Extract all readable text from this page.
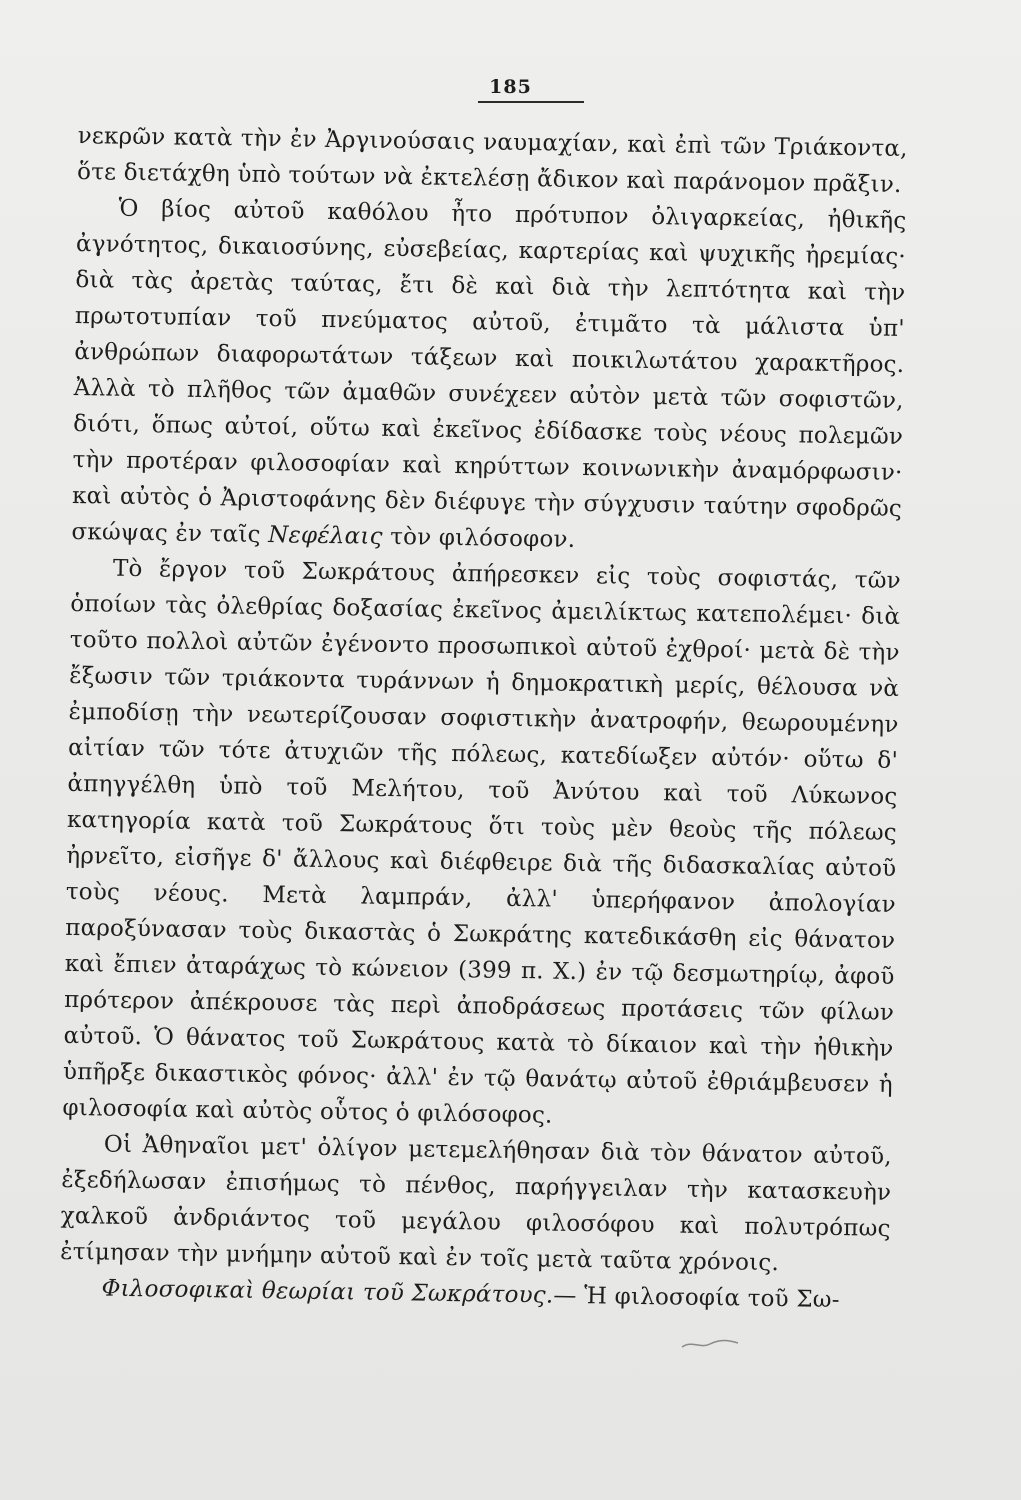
185

νεκρῶν κατὰ τὴν ἐν Ἀργινούσαις ναυμαχίαν, καὶ ἐπὶ τῶν Τριάκοντα, ὅτε διετάχθη ὑπὸ τούτων νὰ ἐκτελέσῃ ἄδικον καὶ παράνομον πρᾶξιν.

Ὁ βίος αὐτοῦ καθόλου ἦτο πρότυπον ὀλιγαρκείας, ἠθικῆς ἀγνότητος, δικαιοσύνης, εὐσεβείας, καρτερίας καὶ ψυχικῆς ἠρεμίας· διὰ τὰς ἀρετὰς ταύτας, ἔτι δὲ καὶ διὰ τὴν λεπτότητα καὶ τὴν πρωτοτυπίαν τοῦ πνεύματος αὐτοῦ, ἐτιμᾶτο τὰ μάλιστα ὑπ' ἀνθρώπων διαφορωτάτων τάξεων καὶ ποικιλωτάτου χαρακτῆρος. Ἀλλὰ τὸ πλῆθος τῶν ἀμαθῶν συνέχεεν αὐτὸν μετὰ τῶν σοφιστῶν, διότι, ὅπως αὐτοί, οὕτω καὶ ἐκεῖνος ἐδίδασκε τοὺς νέους πολεμῶν τὴν προτέραν φιλοσοφίαν καὶ κηρύττων κοινωνικὴν ἀναμόρφωσιν· καὶ αὐτὸς ὁ Ἀριστοφάνης δὲν διέφυγε τὴν σύγχυσιν ταύτην σφοδρῶς σκώψας ἐν ταῖς Νεφέλαις τὸν φιλόσοφον.

Τὸ ἔργον τοῦ Σωκράτους ἀπήρεσκεν εἰς τοὺς σοφιστάς, τῶν ὁποίων τὰς ὀλεθρίας δοξασίας ἐκεῖνος ἀμειλίκτως κατεπολέμει· διὰ τοῦτο πολλοὶ αὐτῶν ἐγένοντο προσωπικοὶ αὐτοῦ ἐχθροί· μετὰ δὲ τὴν ἔξωσιν τῶν τριάκοντα τυράννων ἡ δημοκρατικὴ μερίς, θέλουσα νὰ ἐμποδίσῃ τὴν νεωτερίζουσαν σοφιστικὴν ἀνατροφήν, θεωρουμένην αἰτίαν τῶν τότε ἀτυχιῶν τῆς πόλεως, κατεδίωξεν αὐτόν· οὕτω δ' ἀπηγγέλθη ὑπὸ τοῦ Μελήτου, τοῦ Ἀνύτου καὶ τοῦ Λύκωνος κατηγορία κατὰ τοῦ Σωκράτους ὅτι τοὺς μὲν θεοὺς τῆς πόλεως ἠρνεῖτο, εἰσῆγε δ' ἄλλους καὶ διέφθειρε διὰ τῆς διδασκαλίας αὐτοῦ τοὺς νέους. Μετὰ λαμπράν, ἀλλ' ὑπερήφανον ἀπολογίαν παροξύνασαν τοὺς δικαστὰς ὁ Σωκράτης κατεδικάσθη εἰς θάνατον καὶ ἔπιεν ἀταράχως τὸ κώνειον (399 π. Χ.) ἐν τῷ δεσμωτηρίῳ, ἀφοῦ πρότερον ἀπέκρουσε τὰς περὶ ἀποδράσεως προτάσεις τῶν φίλων αὐτοῦ. Ὁ θάνατος τοῦ Σωκράτους κατὰ τὸ δίκαιον καὶ τὴν ἠθικὴν ὑπῆρξε δικαστικὸς φόνος· ἀλλ' ἐν τῷ θανάτῳ αὐτοῦ ἐθριάμβευσεν ἡ φιλοσοφία καὶ αὐτὸς οὗτος ὁ φιλόσοφος.

Οἱ Ἀθηναῖοι μετ' ὀλίγον μετεμελήθησαν διὰ τὸν θάνατον αὐτοῦ, ἐξεδήλωσαν ἐπισήμως τὸ πένθος, παρήγγειλαν τὴν κατασκευὴν χαλκοῦ ἀνδριάντος τοῦ μεγάλου φιλοσόφου καὶ πολυτρόπως ἐτίμησαν τὴν μνήμην αὐτοῦ καὶ ἐν τοῖς μετὰ ταῦτα χρόνοις.

Φιλοσοφικαὶ θεωρίαι τοῦ Σωκράτους.— Ἡ φιλοσοφία τοῦ Σω-
